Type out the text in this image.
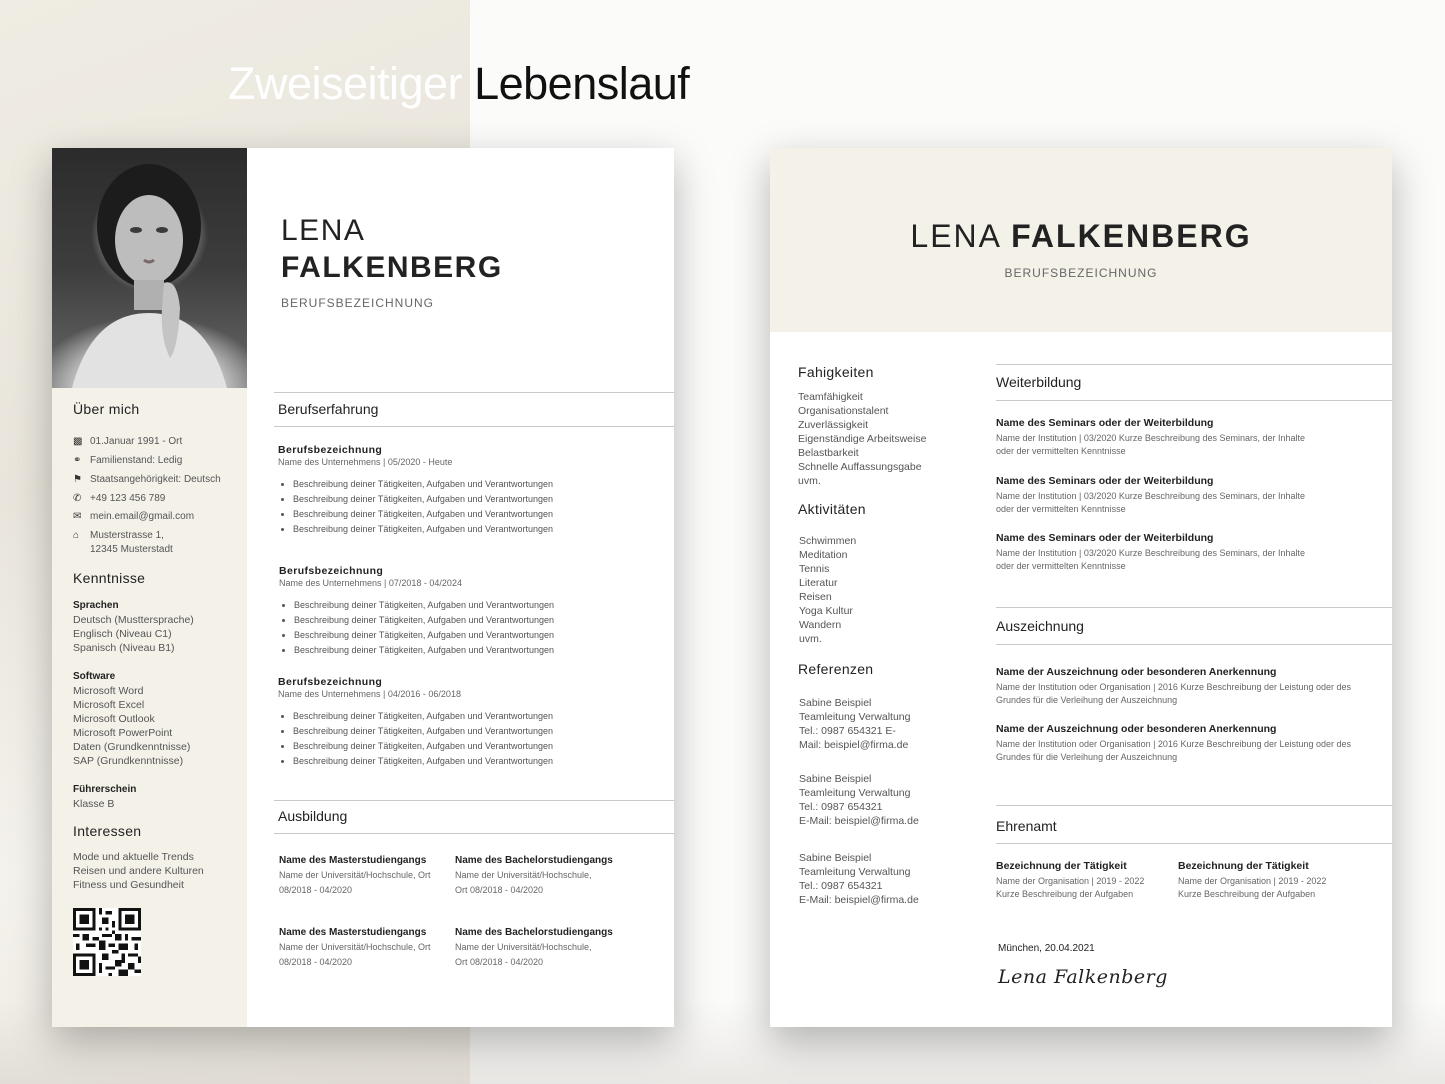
Zweiseitiger Lebenslauf
Über mich
▩ 01.Januar 1991 - Ort
⚭ Familienstand: Ledig
⚑ Staatsangehörigkeit: Deutsch
✆ +49 123 456 789
✉ mein.email@gmail.com
⌂	Musterstrasse 1,
12345 Musterstadt
Kenntnisse
Sprachen
Deutsch (Musttersprache)
Englisch (Niveau C1)
Spanisch (Niveau B1)
Software
Microsoft Word
Microsoft Excel
Microsoft Outlook
Microsoft PowerPoint
Daten (Grundkenntnisse)
SAP (Grundkenntnisse)
Führerschein
Klasse B
Interessen
Mode und aktuelle Trends
Reisen und andere Kulturen
Fitness und Gesundheit
LENA
FALKENBERG
BERUFSBEZEICHNUNG
Berufserfahrung
Berufsbezeichnung
Name des Unternehmens | 05/2020 - Heute
• Beschreibung deiner Tätigkeiten, Aufgaben und Verantwortungen
• Beschreibung deiner Tätigkeiten, Aufgaben und Verantwortungen
• Beschreibung deiner Tätigkeiten, Aufgaben und Verantwortungen
• Beschreibung deiner Tätigkeiten, Aufgaben und Verantwortungen
Berufsbezeichnung
Name des Unternehmens | 07/2018 - 04/2024
• Beschreibung deiner Tätigkeiten, Aufgaben und Verantwortungen
• Beschreibung deiner Tätigkeiten, Aufgaben und Verantwortungen
• Beschreibung deiner Tätigkeiten, Aufgaben und Verantwortungen
• Beschreibung deiner Tätigkeiten, Aufgaben und Verantwortungen
Berufsbezeichnung
Name des Unternehmens | 04/2016 - 06/2018
• Beschreibung deiner Tätigkeiten, Aufgaben und Verantwortungen
• Beschreibung deiner Tätigkeiten, Aufgaben und Verantwortungen
• Beschreibung deiner Tätigkeiten, Aufgaben und Verantwortungen
• Beschreibung deiner Tätigkeiten, Aufgaben und Verantwortungen
Ausbildung
Name des Masterstudiengangs
Name der Universität/Hochschule, Ort
08/2018 - 04/2020
Name des Bachelorstudiengangs
Name der Universität/Hochschule,
Ort 08/2018 - 04/2020
Name des Masterstudiengangs
Name der Universität/Hochschule, Ort
08/2018 - 04/2020
Name des Bachelorstudiengangs
Name der Universität/Hochschule,
Ort 08/2018 - 04/2020
LENA FALKENBERG
BERUFSBEZEICHNUNG
Fahigkeiten
Teamfähigkeit
Organisationstalent
Zuverlässigkeit
Eigenständige Arbeitsweise
Belastbarkeit
Schnelle Auffassungsgabe
uvm.
Aktivitäten
Schwimmen
Meditation
Tennis
Literatur
Reisen
Yoga Kultur
Wandern
uvm.
Referenzen
Sabine Beispiel
Teamleitung Verwaltung
Tel.: 0987 654321 E-
Mail: beispiel@firma.de
Sabine Beispiel
Teamleitung Verwaltung
Tel.: 0987 654321
E-Mail: beispiel@firma.de
Sabine Beispiel
Teamleitung Verwaltung
Tel.: 0987 654321
E-Mail: beispiel@firma.de
Weiterbildung
Name des Seminars oder der Weiterbildung
Name der Institution | 03/2020 Kurze Beschreibung des Seminars, der Inhalte
oder der vermittelten Kenntnisse
Name des Seminars oder der Weiterbildung
Name der Institution | 03/2020 Kurze Beschreibung des Seminars, der Inhalte
oder der vermittelten Kenntnisse
Name des Seminars oder der Weiterbildung
Name der Institution | 03/2020 Kurze Beschreibung des Seminars, der Inhalte
oder der vermittelten Kenntnisse
Auszeichnung
Name der Auszeichnung oder besonderen Anerkennung
Name der Institution oder Organisation | 2016 Kurze Beschreibung der Leistung oder des
Grundes für die Verleihung der Auszeichnung
Name der Auszeichnung oder besonderen Anerkennung
Name der Institution oder Organisation | 2016 Kurze Beschreibung der Leistung oder des
Grundes für die Verleihung der Auszeichnung
Ehrenamt
Bezeichnung der Tätigkeit
Name der Organisation | 2019 - 2022
Kurze Beschreibung der Aufgaben
Bezeichnung der Tätigkeit
Name der Organisation | 2019 - 2022
Kurze Beschreibung der Aufgaben
München, 20.04.2021
Lena Falkenberg
